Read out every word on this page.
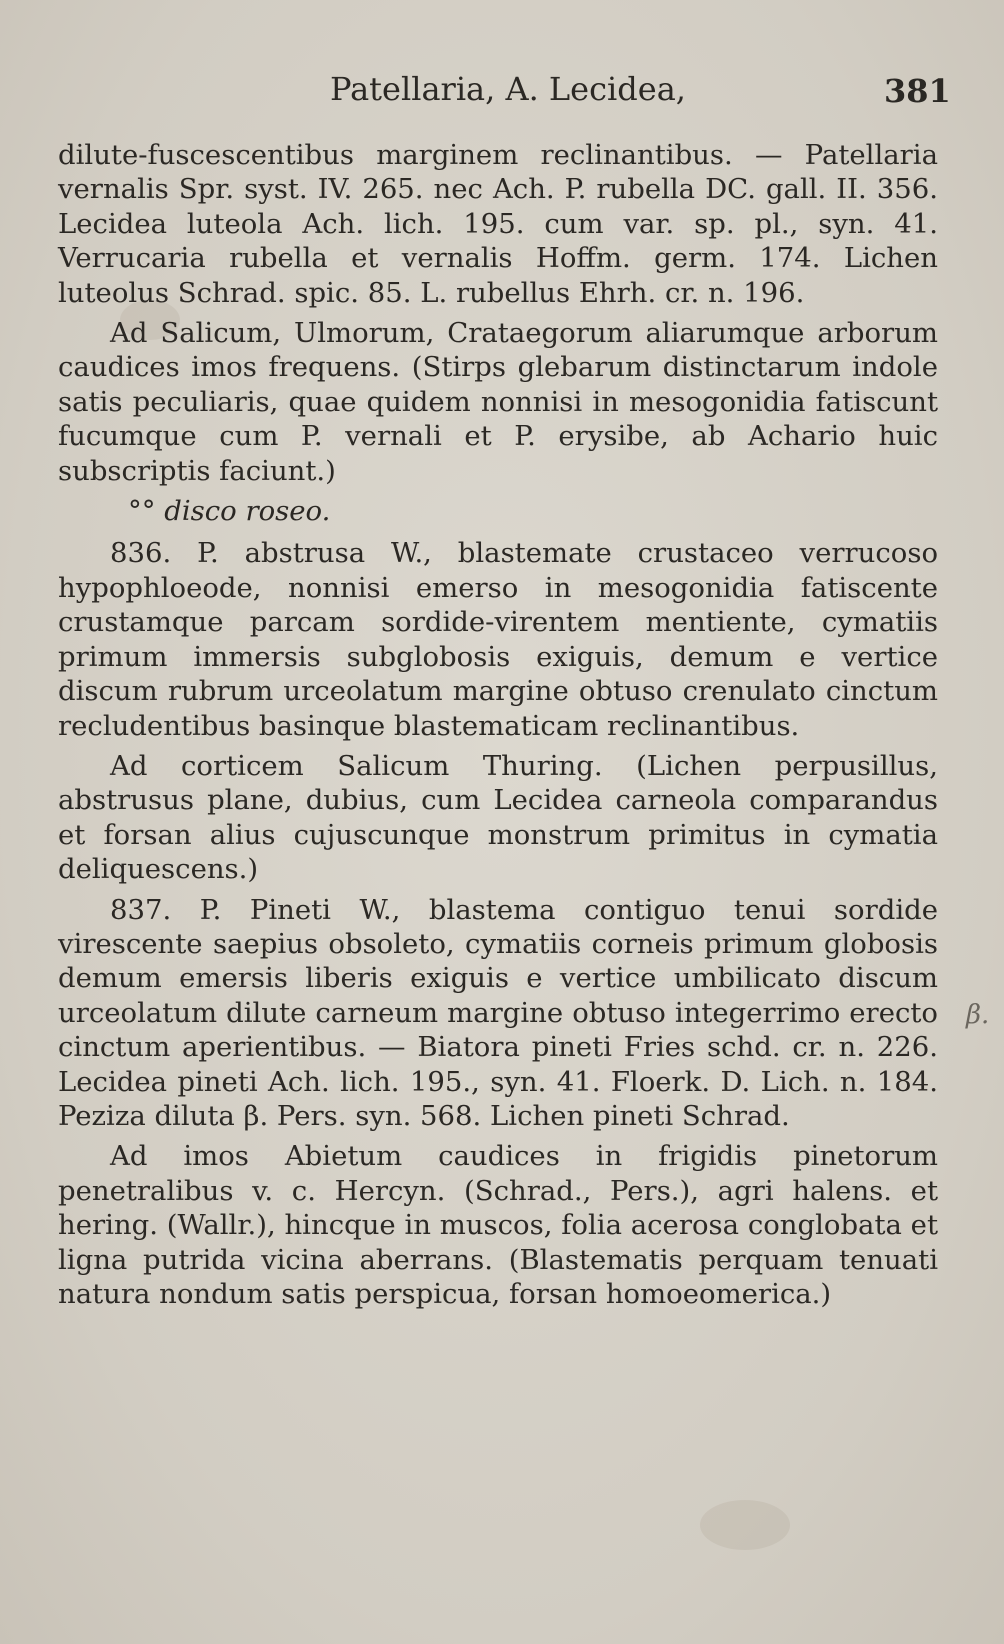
Patellaria, A. Lecidea,	381
β.

dilute-fuscescentibus marginem reclinantibus. — Patellaria vernalis Spr. syst. IV. 265. nec Ach. P. rubella DC. gall. II. 356. Lecidea luteola Ach. lich. 195. cum var. sp. pl., syn. 41. Verrucaria rubella et vernalis Hoffm. germ. 174. Lichen luteolus Schrad. spic. 85. L. rubellus Ehrh. cr. n. 196.

Ad Salicum, Ulmorum, Crataegorum aliarumque arborum caudices imos frequens. (Stirps glebarum distinctarum indole satis peculiaris, quae quidem nonnisi in mesogonidia fatiscunt fucumque cum P. vernali et P. erysibe, ab Achario huic subscriptis faciunt.)

°° disco roseo.

836. P. abstrusa W., blastemate crustaceo verrucoso hypophloeode, nonnisi emerso in mesogonidia fatiscente crustamque parcam sordide-virentem mentiente, cymatiis primum immersis subglobosis exiguis, demum e vertice discum rubrum urceolatum margine obtuso crenulato cinctum recludentibus basinque blastematicam reclinantibus.

Ad corticem Salicum Thuring. (Lichen perpusillus, abstrusus plane, dubius, cum Lecidea carneola comparandus et forsan alius cujuscunque monstrum primitus in cymatia deliquescens.)

837. P. Pineti W., blastema contiguo tenui sordide virescente saepius obsoleto, cymatiis corneis primum globosis demum emersis liberis exiguis e vertice umbilicato discum urceolatum dilute carneum margine obtuso integerrimo erecto cinctum aperientibus. — Biatora pineti Fries schd. cr. n. 226. Lecidea pineti Ach. lich. 195., syn. 41. Floerk. D. Lich. n. 184. Peziza diluta β. Pers. syn. 568. Lichen pineti Schrad.

Ad imos Abietum caudices in frigidis pinetorum penetralibus v. c. Hercyn. (Schrad., Pers.), agri halens. et hering. (Wallr.), hincque in muscos, folia acerosa conglobata et ligna putrida vicina aberrans. (Blastematis perquam tenuati natura nondum satis perspicua, forsan homoeomerica.)
